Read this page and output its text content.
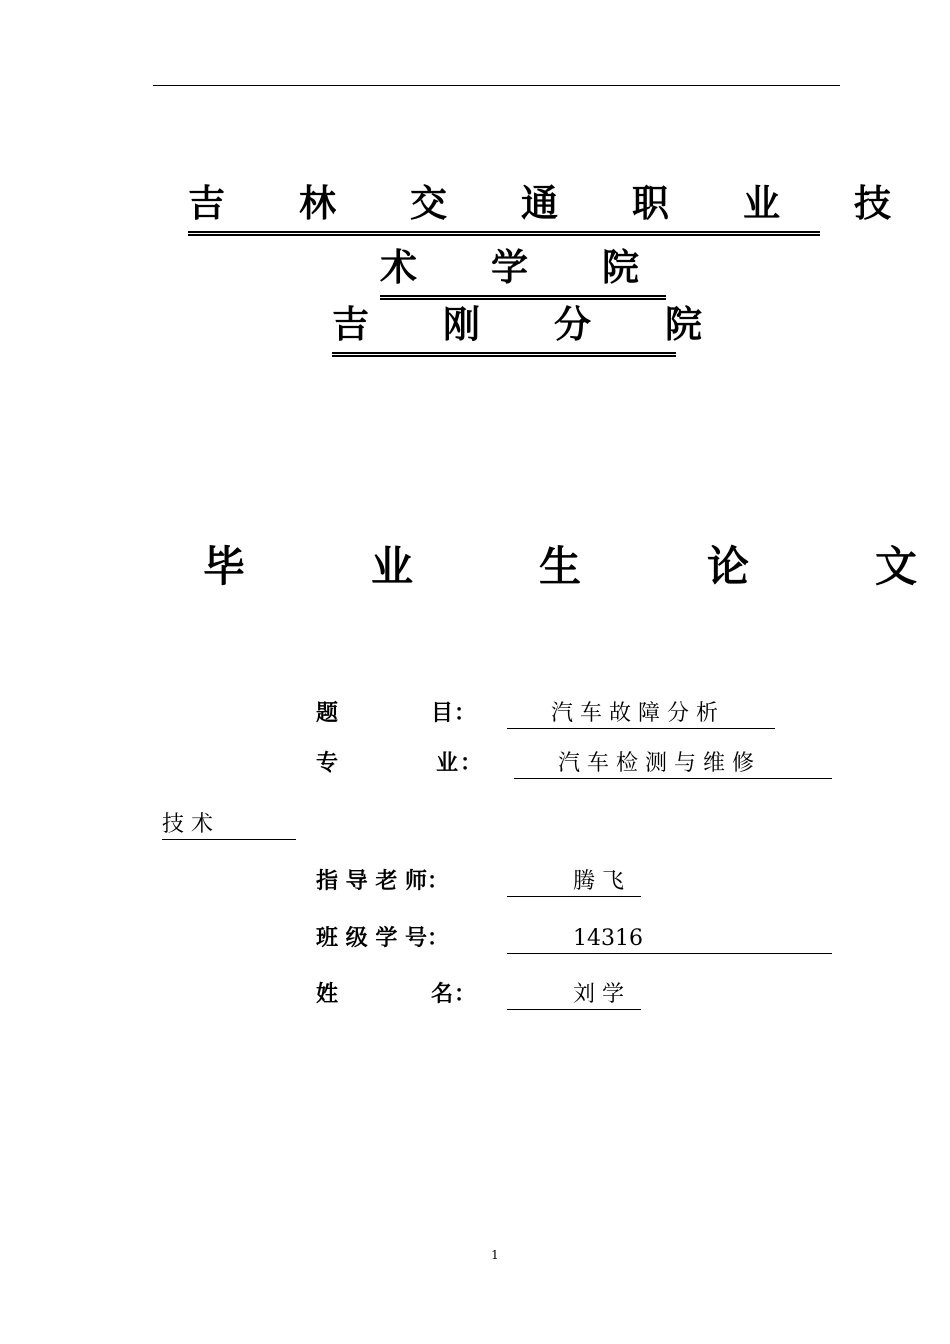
吉　　林　　交　　通　　职　　业　　技
术　　学　　院　　
吉　　刚　　分　　院
毕　　　业　　　生　　　论　　　文
题　　　　目： 　　汽 车 故 障 分 析
专　　　　业： 　　汽 车 检 测 与 维 修
技 术　　　
指 导 老 师：	　　　腾 飞
班 级 学 号：	　　　14316
姓　　　　名： 　　　刘 学
1
